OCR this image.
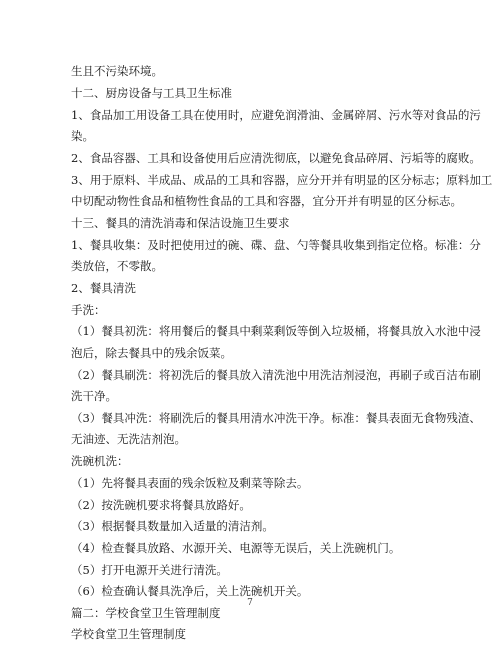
生且不污染环境。
十二、厨房设备与工具卫生标准
1、食品加工用设备工具在使用时，应避免润滑油、金属碎屑、污水等对食品的污
染。
2、食品容器、工具和设备使用后应清洗彻底，以避免食品碎屑、污垢等的腐败。
3、用于原料、半成品、成品的工具和容器，应分开并有明显的区分标志；原料加工
中切配动物性食品和植物性食品的工具和容器，宜分开并有明显的区分标志。
十三、餐具的清洗消毒和保洁设施卫生要求
1、餐具收集：及时把使用过的碗、碟、盘、勺等餐具收集到指定位格。标准：分
类放倍，不零散。
2、餐具清洗
手洗：
（1）餐具初洗：将用餐后的餐具中剩菜剩饭等倒入垃圾桶，将餐具放入水池中浸
泡后，除去餐具中的残余饭菜。
（2）餐具刷洗：将初洗后的餐具放入清洗池中用洗洁剂浸泡，再刷子或百洁布刷
洗干净。
（3）餐具冲洗：将刷洗后的餐具用清水冲洗干净。标准：餐具表面无食物残渣、
无油迹、无洗洁剂泡。
洗碗机洗：
（1）先将餐具表面的残余饭粒及剩菜等除去。
（2）按洗碗机要求将餐具放路好。
（3）根据餐具数量加入适量的清洁剂。
（4）检查餐具放路、水源开关、电源等无误后，关上洗碗机门。
（5）打开电源开关进行清洗。
（6）检查确认餐具洗净后，关上洗碗机开关。
篇二：学校食堂卫生管理制度
学校食堂卫生管理制度
7
